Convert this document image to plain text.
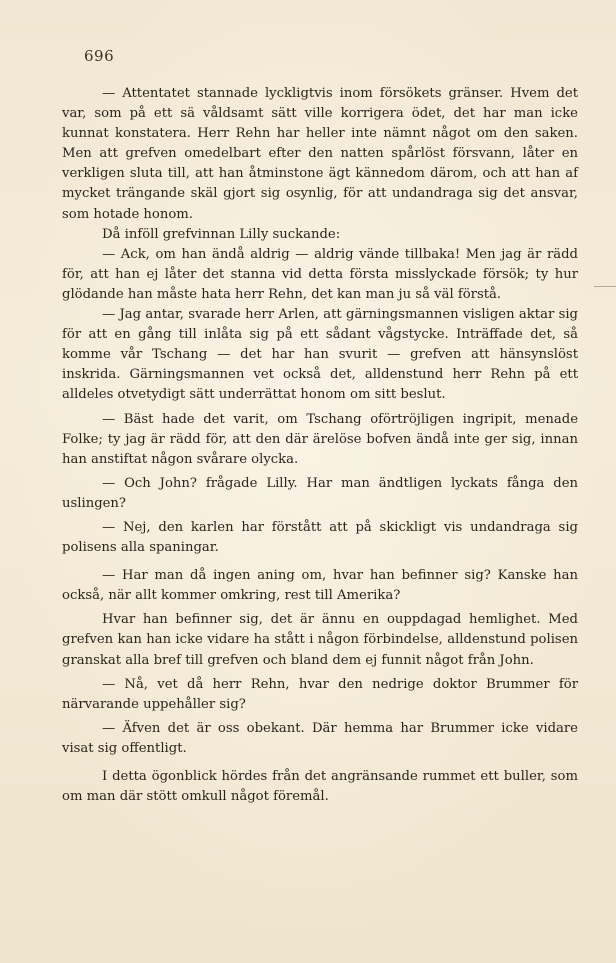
696

— Attentatet stannade lyckligtvis inom försökets gränser. Hvem det var, som på ett sä våldsamt sätt ville korrigera ödet, det har man icke kunnat konstatera. Herr Rehn har heller inte nämnt något om den saken. Men att grefven omedelbart efter den natten spårlöst försvann, låter en verkligen sluta till, att han åtminstone ägt kännedom därom, och att han af mycket trängande skäl gjort sig osynlig, för att undandraga sig det ansvar, som hotade honom.

Då inföll grefvinnan Lilly suckande:

— Ack, om han ändå aldrig — aldrig vände tillbaka! Men jag är rädd för, att han ej låter det stanna vid detta första misslyckade försök; ty hur glödande han måste hata herr Rehn, det kan man ju så väl förstå.

— Jag antar, svarade herr Arlen, att gärningsmannen visligen aktar sig för att en gång till inlåta sig på ett sådant vågstycke. Inträffade det, så komme vår Tschang — det har han svurit — grefven att hänsynslöst inskrida. Gärningsmannen vet också det, alldenstund herr Rehn på ett alldeles otvetydigt sätt underrättat honom om sitt beslut.

— Bäst hade det varit, om Tschang oförtröjligen ingripit, menade Folke; ty jag är rädd för, att den där ärelöse bofven ändå inte ger sig, innan han anstiftat någon svårare olycka.

— Och John? frågade Lilly. Har man ändtligen lyckats fånga den uslingen?

— Nej, den karlen har förstått att på skickligt vis undandraga sig polisens alla spaningar.

— Har man då ingen aning om, hvar han befinner sig? Kanske han också, när allt kommer omkring, rest till Amerika?

Hvar han befinner sig, det är ännu en ouppdagad hemlighet. Med grefven kan han icke vidare ha stått i någon förbindelse, alldenstund polisen granskat alla bref till grefven och bland dem ej funnit något från John.

— Nå, vet då herr Rehn, hvar den nedrige doktor Brummer för närvarande uppehåller sig?

— Äfven det är oss obekant. Där hemma har Brummer icke vidare visat sig offentligt.

I detta ögonblick hördes från det angränsande rummet ett buller, som om man där stött omkull något föremål.
